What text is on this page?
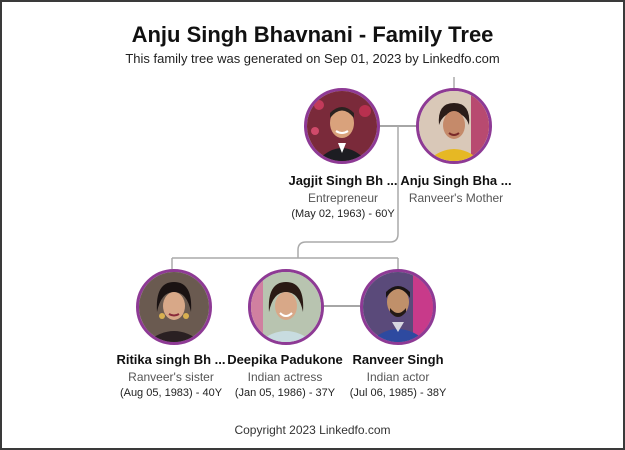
Anju Singh Bhavnani - Family Tree
This family tree was generated on Sep 01, 2023 by Linkedfo.com
Jagjit Singh Bh ...
Entrepreneur
(May 02, 1963) - 60Y
Anju Singh Bha ...
Ranveer's Mother
Ritika singh Bh ...
Ranveer's sister
(Aug 05, 1983) - 40Y
Deepika Padukone
Indian actress
(Jan 05, 1986) - 37Y
Ranveer Singh
Indian actor
(Jul 06, 1985) - 38Y
Copyright 2023 Linkedfo.com
